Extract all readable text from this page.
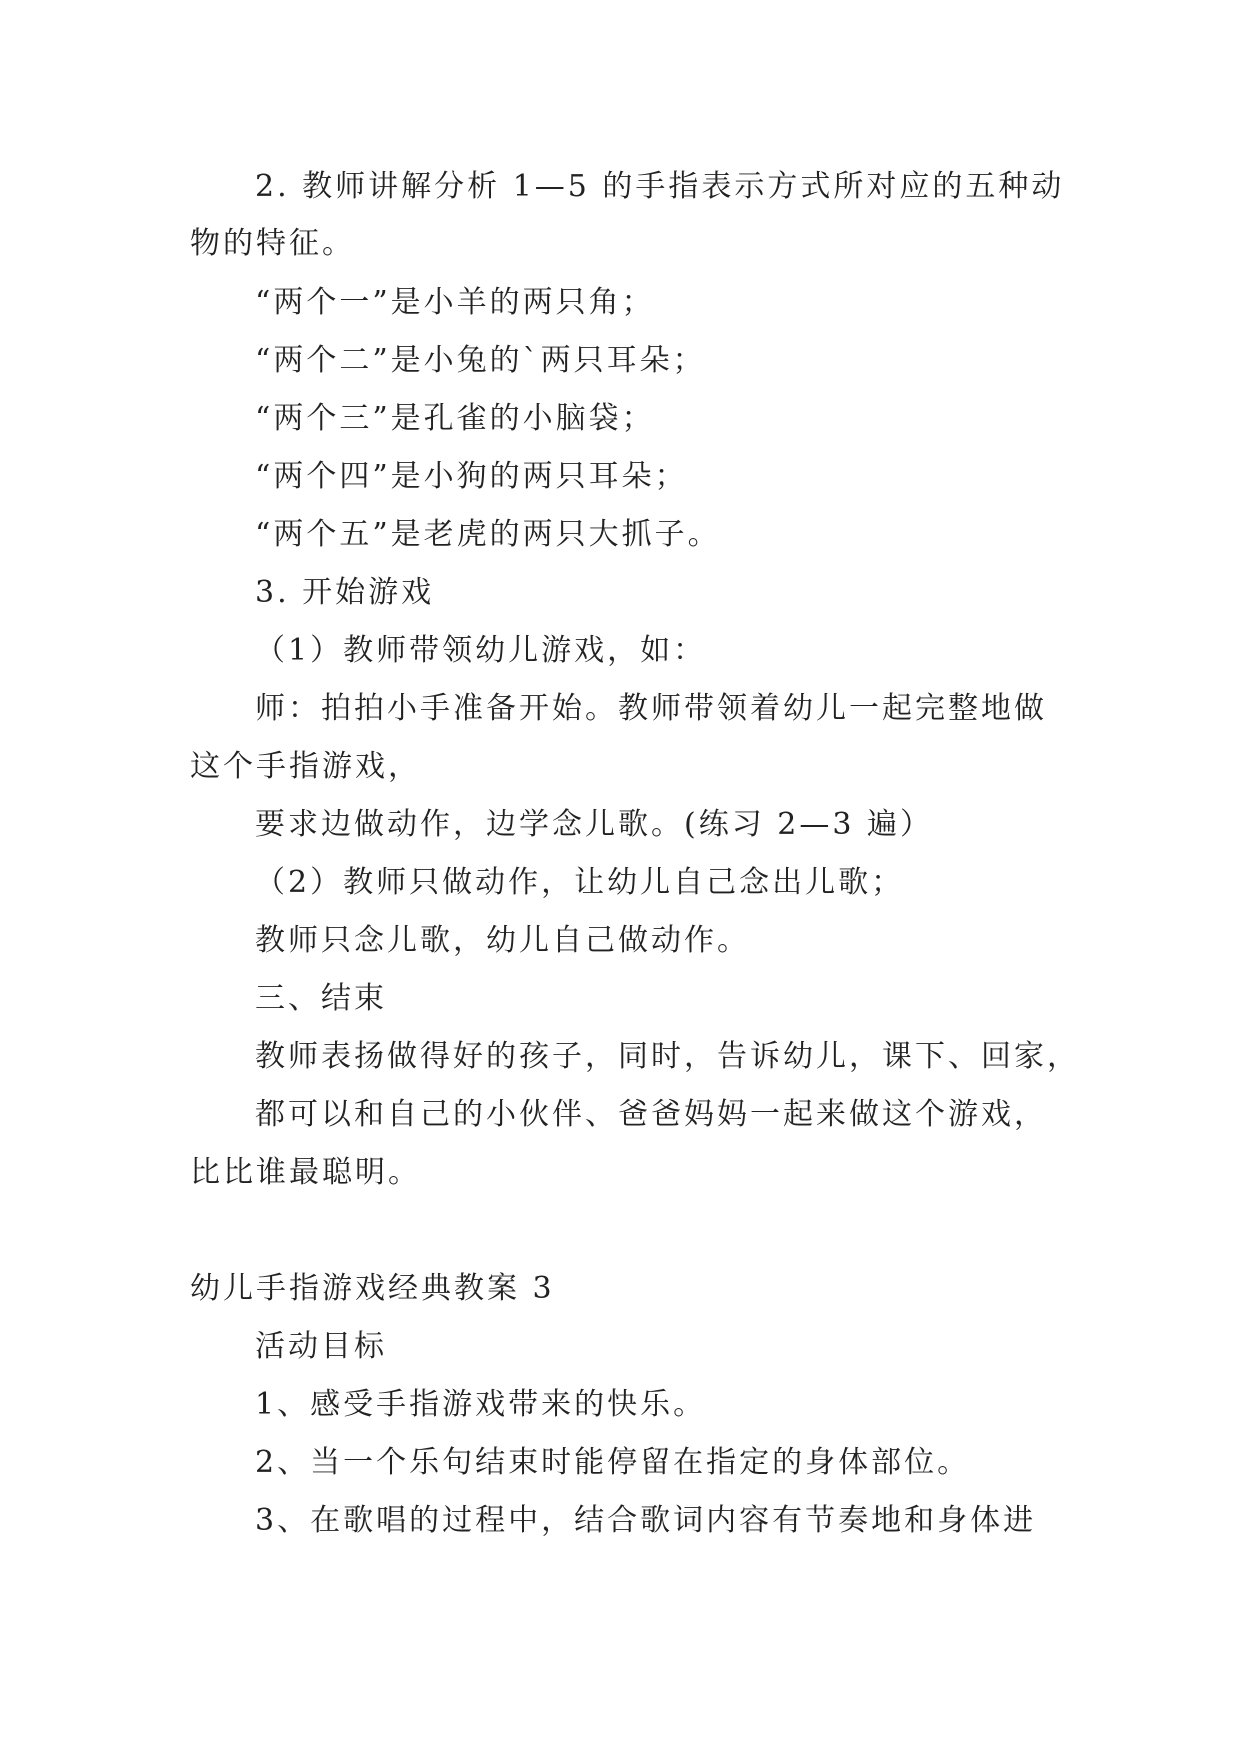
2. 教师讲解分析 1—5 的手指表示方式所对应的五种动
物的特征。
“两个一”是小羊的两只角；
“两个二”是小兔的`两只耳朵；
“两个三”是孔雀的小脑袋；
“两个四”是小狗的两只耳朵；
“两个五”是老虎的两只大抓子。
3. 开始游戏
（1）教师带领幼儿游戏，如：
师：拍拍小手准备开始。教师带领着幼儿一起完整地做
这个手指游戏，
要求边做动作，边学念儿歌。(练习 2—3 遍）
（2）教师只做动作，让幼儿自己念出儿歌；
教师只念儿歌，幼儿自己做动作。
三、结束
教师表扬做得好的孩子，同时，告诉幼儿，课下、回家，
都可以和自己的小伙伴、爸爸妈妈一起来做这个游戏，
比比谁最聪明。
幼儿手指游戏经典教案 3
活动目标
1、感受手指游戏带来的快乐。
2、当一个乐句结束时能停留在指定的身体部位。
3、在歌唱的过程中，结合歌词内容有节奏地和身体进
